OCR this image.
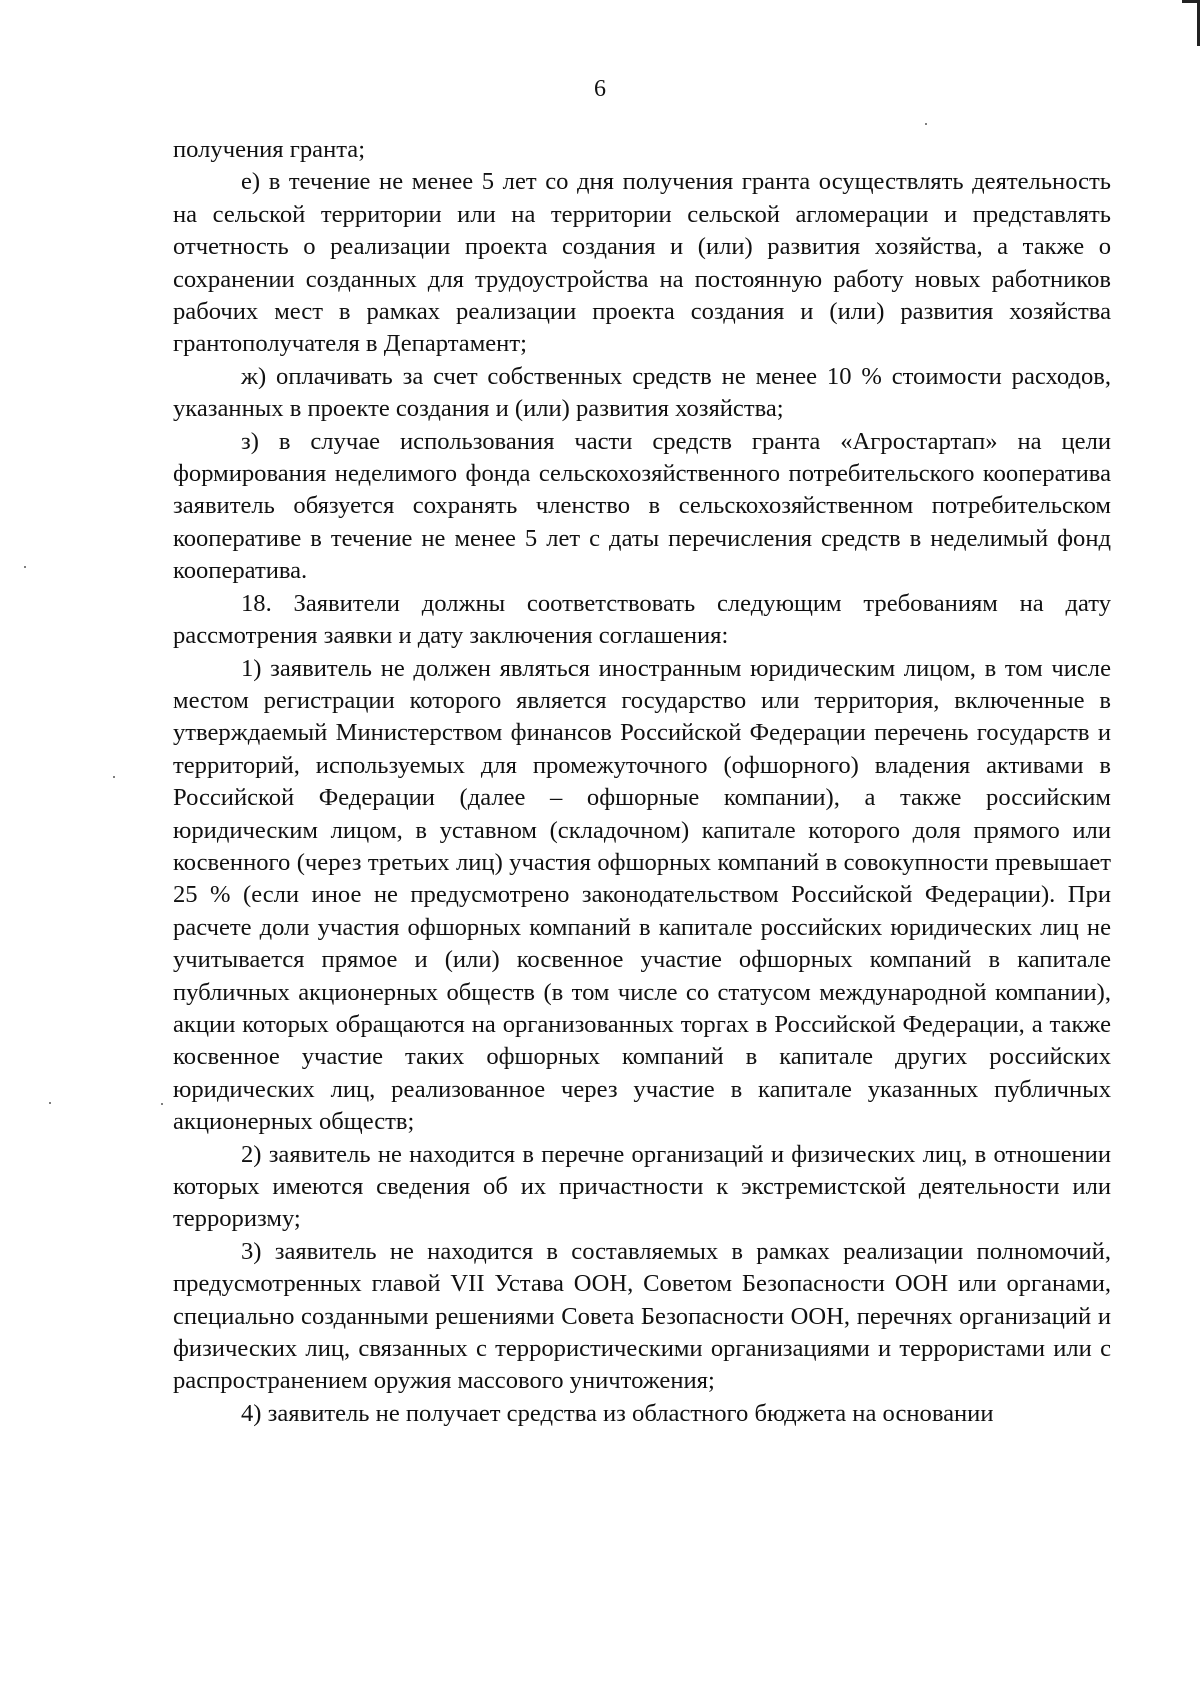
6

получения гранта;

е) в течение не менее 5 лет со дня получения гранта осуществлять деятельность на сельской территории или на территории сельской агломерации и представлять отчетность о реализации проекта создания и (или) развития хозяйства, а также о сохранении созданных для трудоустройства на постоянную работу новых работников рабочих мест в рамках реализации проекта создания и (или) развития хозяйства грантополучателя в Департамент;

ж) оплачивать за счет собственных средств не менее 10 % стоимости расходов, указанных в проекте создания и (или) развития хозяйства;

з) в случае использования части средств гранта «Агростартап» на цели формирования неделимого фонда сельскохозяйственного потребительского кооператива заявитель обязуется сохранять членство в сельскохозяйственном потребительском кооперативе в течение не менее 5 лет с даты перечисления средств в неделимый фонд кооператива.

18. Заявители должны соответствовать следующим требованиям на дату рассмотрения заявки и дату заключения соглашения:

1) заявитель не должен являться иностранным юридическим лицом, в том числе местом регистрации которого является государство или территория, включенные в утверждаемый Министерством финансов Российской Федерации перечень государств и территорий, используемых для промежуточного (офшорного) владения активами в Российской Федерации (далее – офшорные компании), а также российским юридическим лицом, в уставном (складочном) капитале которого доля прямого или косвенного (через третьих лиц) участия офшорных компаний в совокупности превышает 25 % (если иное не предусмотрено законодательством Российской Федерации). При расчете доли участия офшорных компаний в капитале российских юридических лиц не учитывается прямое и (или) косвенное участие офшорных компаний в капитале публичных акционерных обществ (в том числе со статусом международной компании), акции которых обращаются на организованных торгах в Российской Федерации, а также косвенное участие таких офшорных компаний в капитале других российских юридических лиц, реализованное через участие в капитале указанных публичных акционерных обществ;

2) заявитель не находится в перечне организаций и физических лиц, в отношении которых имеются сведения об их причастности к экстремистской деятельности или терроризму;

3) заявитель не находится в составляемых в рамках реализации полномочий, предусмотренных главой VII Устава ООН, Советом Безопасности ООН или органами, специально созданными решениями Совета Безопасности ООН, перечнях организаций и физических лиц, связанных с террористическими организациями и террористами или с распространением оружия массового уничтожения;

4) заявитель не получает средства из областного бюджета на основании
